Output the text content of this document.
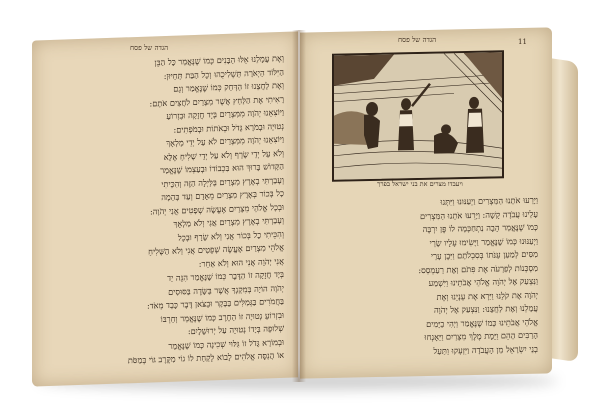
הגדה של פסח
הגדה של פסח	11
ויעבדו מצרים את בני ישראל בפרך
וְאֶת עֲמָלֵנוּ אֵלּוּ הַבָּנִים כְּמוֹ שֶׁנֶּאֱמַר כָּל הַבֵּן
הַיִּלּוֹד הַיְאֹרָה תַּשְׁלִיכֻהוּ וְכָל הַבַּת תְּחַיּוּן:
וְאֶת לַחֲצֵנוּ זוֹ הַדְּחַק כְּמוֹ שֶׁנֶּאֱמַר וְגַם
רָאִיתִי אֶת הַלַּחַץ אֲשֶׁר מִצְרַיִם לֹחֲצִים אֹתָם:
וַיּוֹצִאֵנוּ יְהֹוָה מִמִּצְרַיִם בְּיָד חֲזָקָה וּבִזְרוֹעַ
נְטוּיָה וּבְמֹרָא גָּדֹל וּבְאֹתוֹת וּבְמֹפְתִים:
וַיּוֹצִאֵנוּ יְהֹוָה מִמִּצְרַיִם לֹא עַל יְדֵי מַלְאָךְ
וְלֹא עַל יְדֵי שָׂרָף וְלֹא עַל יְדֵי שָׁלִיחַ אֶלָּא
הַקָּדוֹשׁ בָּרוּךְ הוּא בִּכְבוֹדוֹ וּבְעַצְמוֹ שֶׁנֶּאֱמַר
וְעָבַרְתִּי בְאֶרֶץ מִצְרַיִם בַּלַּיְלָה הַזֶּה וְהִכֵּיתִי
כָל בְּכוֹר בְּאֶרֶץ מִצְרַיִם מֵאָדָם וְעַד בְּהֵמָה
וּבְכָל אֱלֹהֵי מִצְרַיִם אֶעֱשֶׂה שְׁפָטִים אֲנִי יְהֹוָה:
וְעָבַרְתִּי בְאֶרֶץ מִצְרַיִם אֲנִי וְלֹא מַלְאָךְ
וְהִכֵּיתִי כָל בְּכוֹר אֲנִי וְלֹא שָׂרָף וּבְכָל
אֱלֹהֵי מִצְרַיִם אֶעֱשֶׂה שְׁפָטִים אֲנִי וְלֹא הַשָּׁלִיחַ
אֲנִי יְהֹוָה אֲנִי הוּא וְלֹא אַחֵר:
בְּיָד חֲזָקָה זוֹ הַדֶּבֶר כְּמוֹ שֶׁנֶּאֱמַר הִנֵּה יַד
יְהֹוָה הוֹיָה בְּמִקְנְךָ אֲשֶׁר בַּשָּׂדֶה בַּסּוּסִים
בַּחֲמֹרִים בַּגְּמַלִּים בַּבָּקָר וּבַצֹּאן דֶּבֶר כָּבֵד מְאֹד:
וּבִזְרוֹעַ נְטוּיָה זוֹ הַחֶרֶב כְּמוֹ שֶׁנֶּאֱמַר וְחַרְבּוֹ
שְׁלוּפָה בְּיָדוֹ נְטוּיָה עַל יְרוּשָׁלָיִם:
וּבְמוֹרָא גָּדֹל זוֹ גִּלּוּי שְׁכִינָה כְּמוֹ שֶׁנֶּאֱמַר
אוֹ הֲנִסָּה אֱלֹהִים לָבוֹא לָקַחַת לוֹ גוֹי מִקֶּרֶב גּוֹי בְּמַסֹּת
וַיָּרֵעוּ אֹתָנוּ הַמִּצְרִים וַיְעַנּוּנוּ וַיִּתְּנוּ
עָלֵינוּ עֲבֹדָה קָשָׁה: וַיָּרֵעוּ אֹתָנוּ הַמִּצְרִים
כְּמוֹ שֶׁנֶּאֱמַר הָבָה נִתְחַכְּמָה לוֹ פֶּן יִרְבֶּה
וַיְעַנּוּנוּ כְּמוֹ שֶׁנֶּאֱמַר וַיָּשִׂימוּ עָלָיו שָׂרֵי
מִסִּים לְמַעַן עַנֹּתוֹ בְּסִבְלֹתָם וַיִּבֶן עָרֵי
מִסְכְּנוֹת לְפַרְעֹה אֶת פִּתֹם וְאֶת רַעַמְסֵס:
וַנִּצְעַק אֶל יְהֹוָה אֱלֹהֵי אֲבֹתֵינוּ וַיִּשְׁמַע
יְהֹוָה אֶת קֹלֵנוּ וַיַּרְא אֶת עָנְיֵנוּ וְאֶת
עֲמָלֵנוּ וְאֶת לַחֲצֵנוּ: וַנִּצְעַק אֶל יְהֹוָה
אֱלֹהֵי אֲבֹתֵינוּ כְּמוֹ שֶׁנֶּאֱמַר וַיְהִי בַיָּמִים
הָרַבִּים הָהֵם וַיָּמָת מֶלֶךְ מִצְרַיִם וַיֵּאָנְחוּ
בְנֵי יִשְׂרָאֵל מִן הָעֲבֹדָה וַיִּזְעָקוּ וַתַּעַל
